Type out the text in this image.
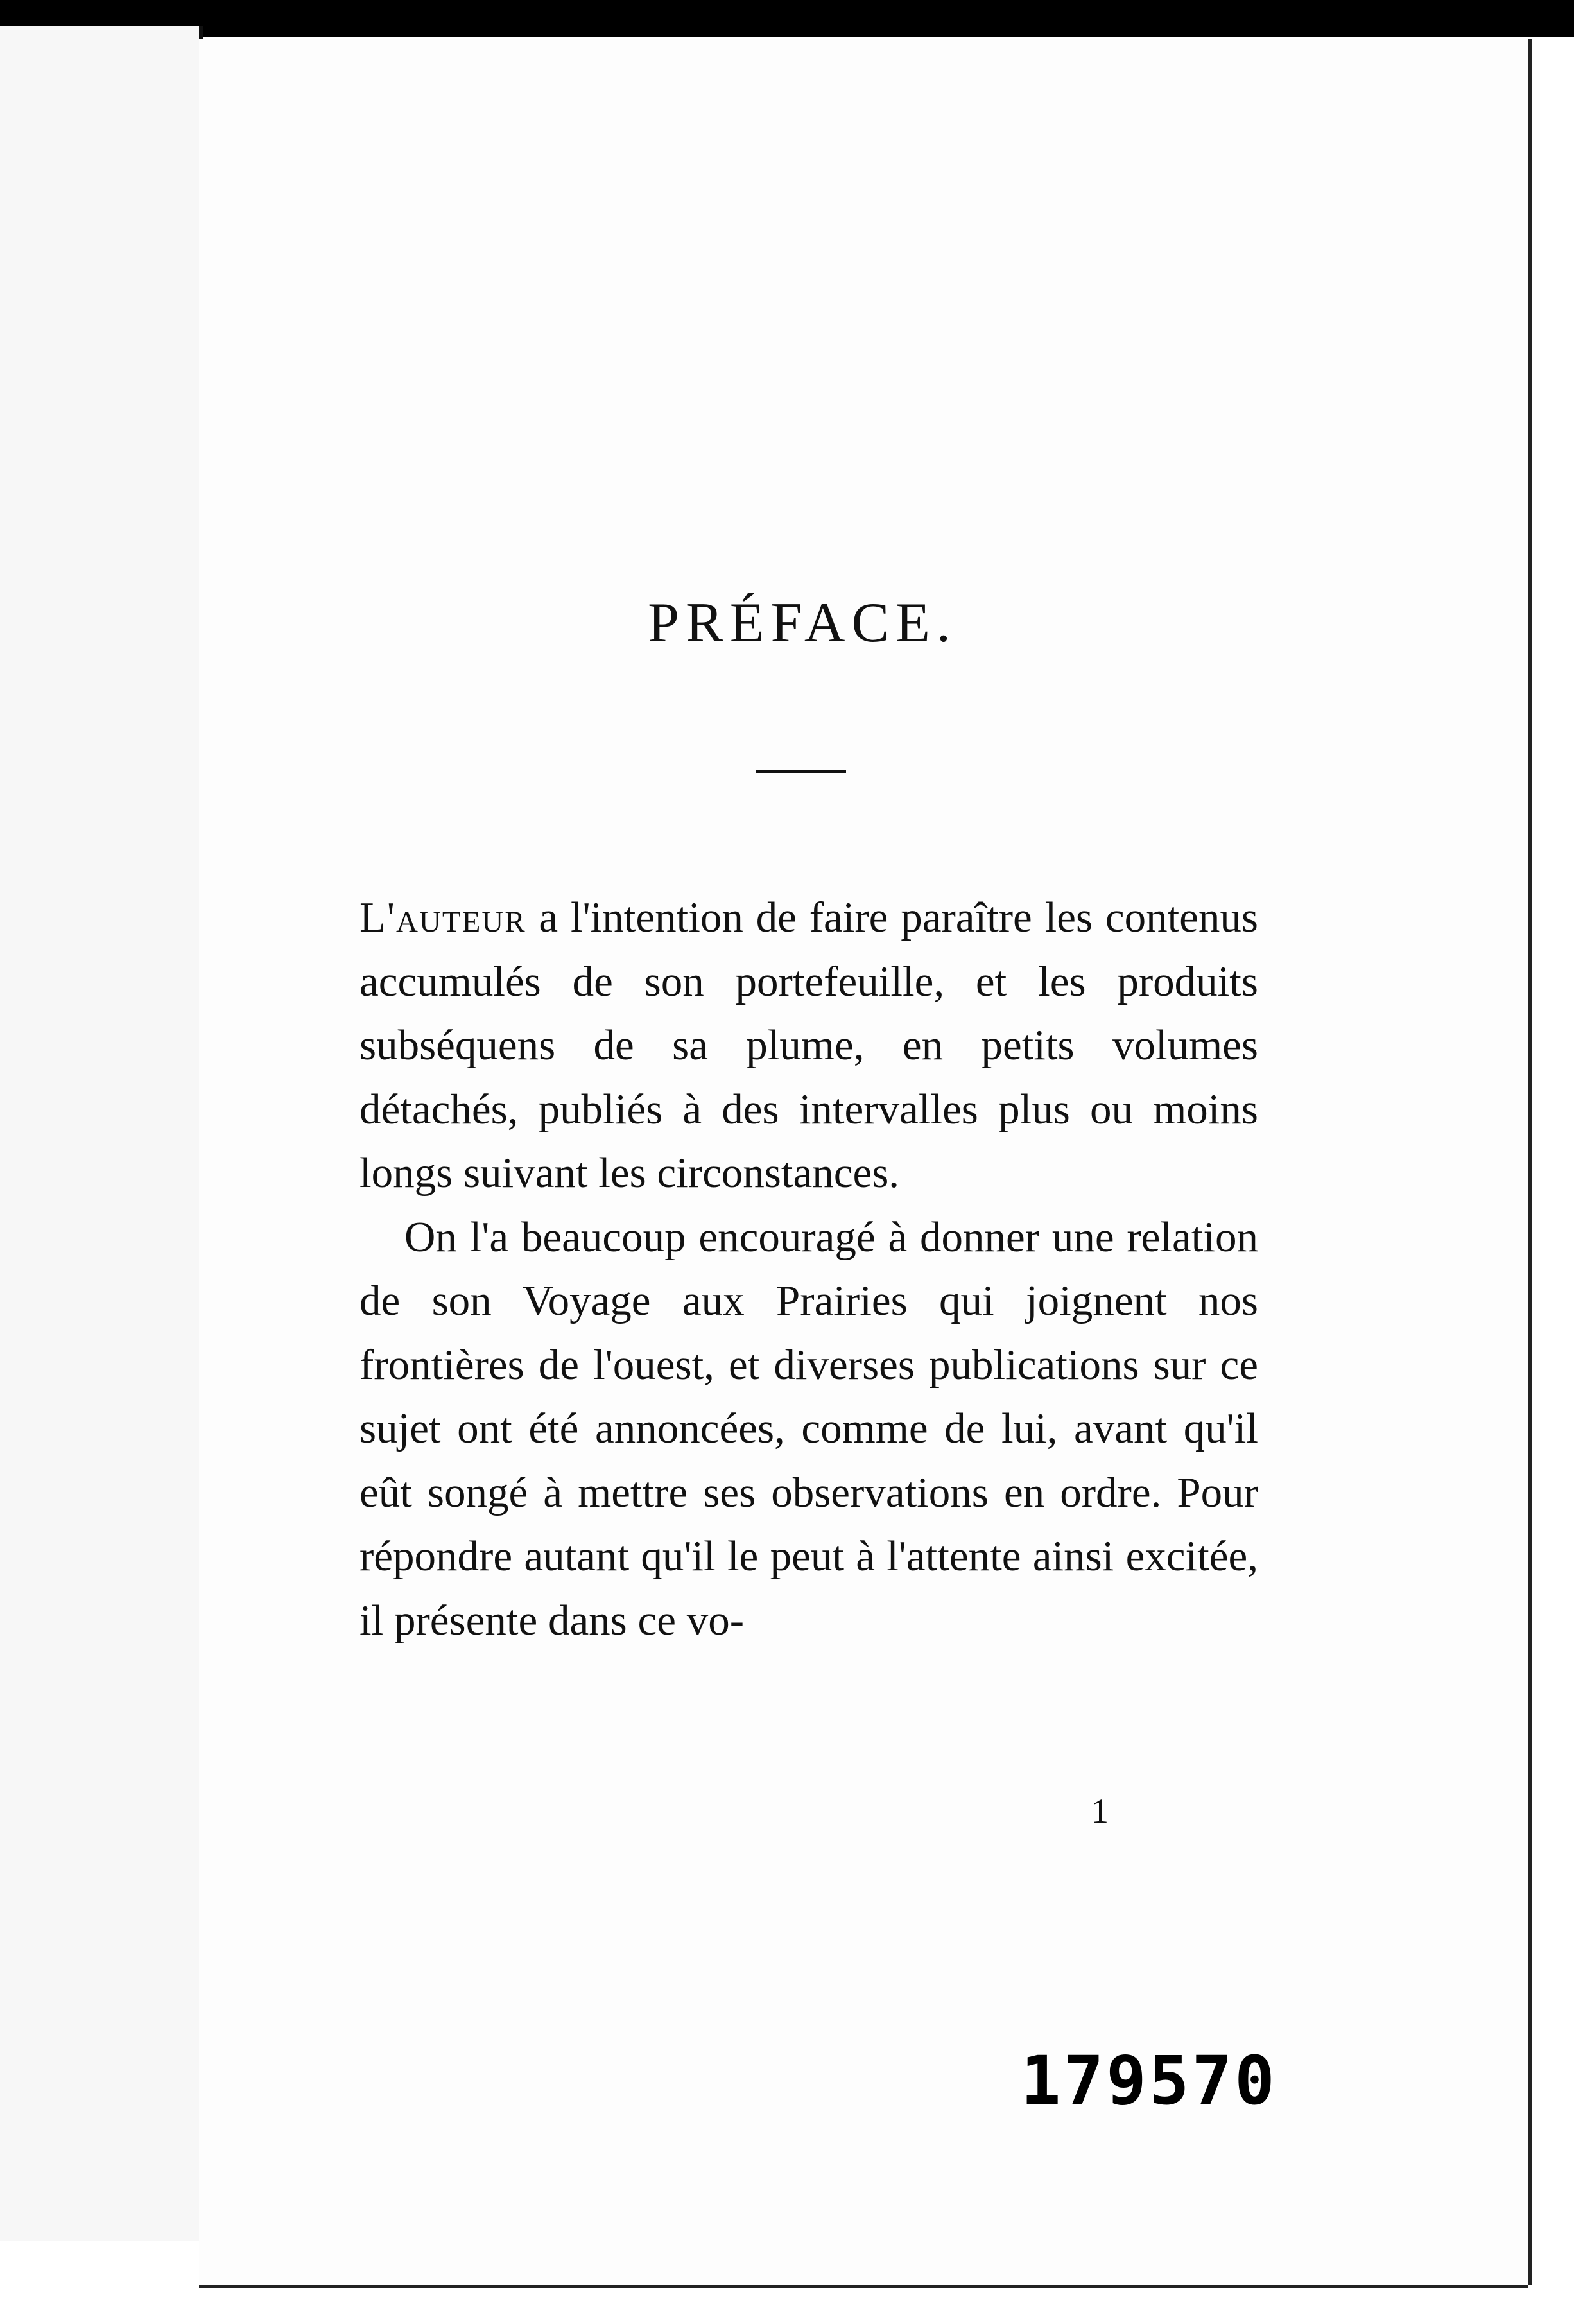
PRÉFACE.

L'auteur a l'intention de faire paraître les contenus accumulés de son portefeuille, et les produits subséquens de sa plume, en petits volumes détachés, publiés à des intervalles plus ou moins longs suivant les circonstances.

On l'a beaucoup encouragé à donner une relation de son Voyage aux Prairies qui joignent nos frontières de l'ouest, et diverses publications sur ce sujet ont été annoncées, comme de lui, avant qu'il eût songé à mettre ses observations en ordre. Pour répondre autant qu'il le peut à l'attente ainsi excitée, il présente dans ce vo-

1
179570
